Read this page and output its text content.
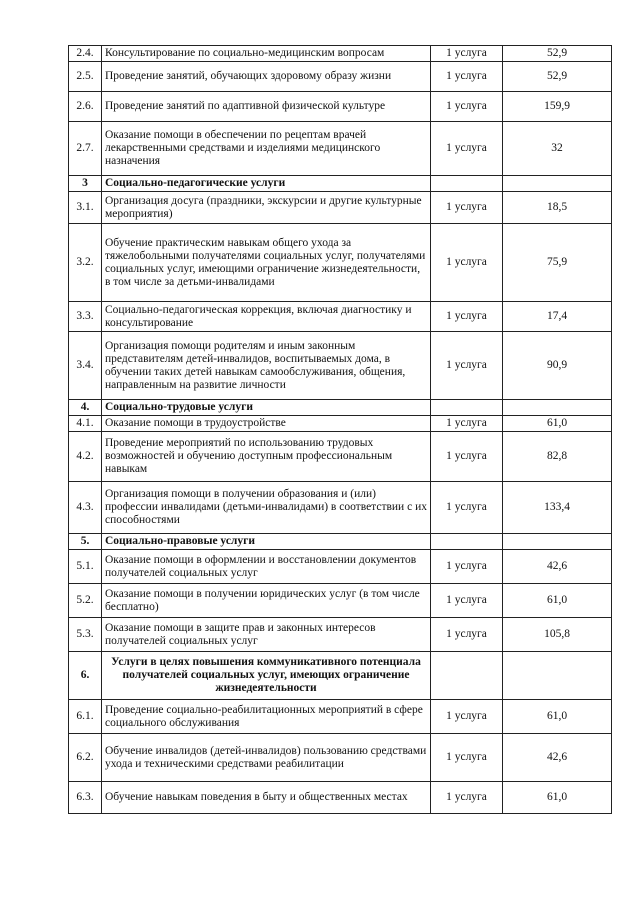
2.4.	Консультирование по социально-медицинским вопросам	1 услуга	52,9
2.5.	Проведение занятий, обучающих здоровому образу жизни	1 услуга	52,9
2.6.	Проведение занятий по адаптивной физической культуре	1 услуга	159,9
2.7.	Оказание помощи в обеспечении по рецептам врачей лекарственными средствами и изделиями медицинского назначения	1 услуга	32
3	Социально-педагогические услуги		
3.1.	Организация досуга (праздники, экскурсии и другие культурные мероприятия)	1 услуга	18,5
3.2.	Обучение практическим навыкам общего ухода за тяжелобольными получателями социальных услуг, получателями социальных услуг, имеющими ограничение жизнедеятельности, в том числе за детьми-инвалидами	1 услуга	75,9
3.3.	Социально-педагогическая коррекция, включая диагностику и консультирование	1 услуга	17,4
3.4.	Организация помощи родителям и иным законным представителям детей-инвалидов, воспитываемых дома, в обучении таких детей навыкам самообслуживания, общения, направленным на развитие личности	1 услуга	90,9
4.	Социально-трудовые услуги		
4.1.	Оказание помощи в трудоустройстве	1 услуга	61,0
4.2.	Проведение мероприятий по использованию трудовых возможностей и обучению доступным профессиональным навыкам	1 услуга	82,8
4.3.	Организация помощи в получении образования и (или) профессии инвалидами (детьми-инвалидами) в соответствии с их способностями	1 услуга	133,4
5.	Социально-правовые услуги		
5.1.	Оказание помощи в оформлении и восстановлении документов получателей социальных услуг	1 услуга	42,6
5.2.	Оказание помощи в получении юридических услуг (в том числе бесплатно)	1 услуга	61,0
5.3.	Оказание помощи в защите прав и законных интересов получателей социальных услуг	1 услуга	105,8
6.	Услуги в целях повышения коммуникативного потенциала получателей социальных услуг, имеющих ограничение жизнедеятельности		
6.1.	Проведение социально-реабилитационных мероприятий в сфере социального обслуживания	1 услуга	61,0
6.2.	Обучение инвалидов (детей-инвалидов) пользованию средствами ухода и техническими средствами реабилитации	1 услуга	42,6
6.3.	Обучение навыкам поведения в быту и общественных местах	1 услуга	61,0
